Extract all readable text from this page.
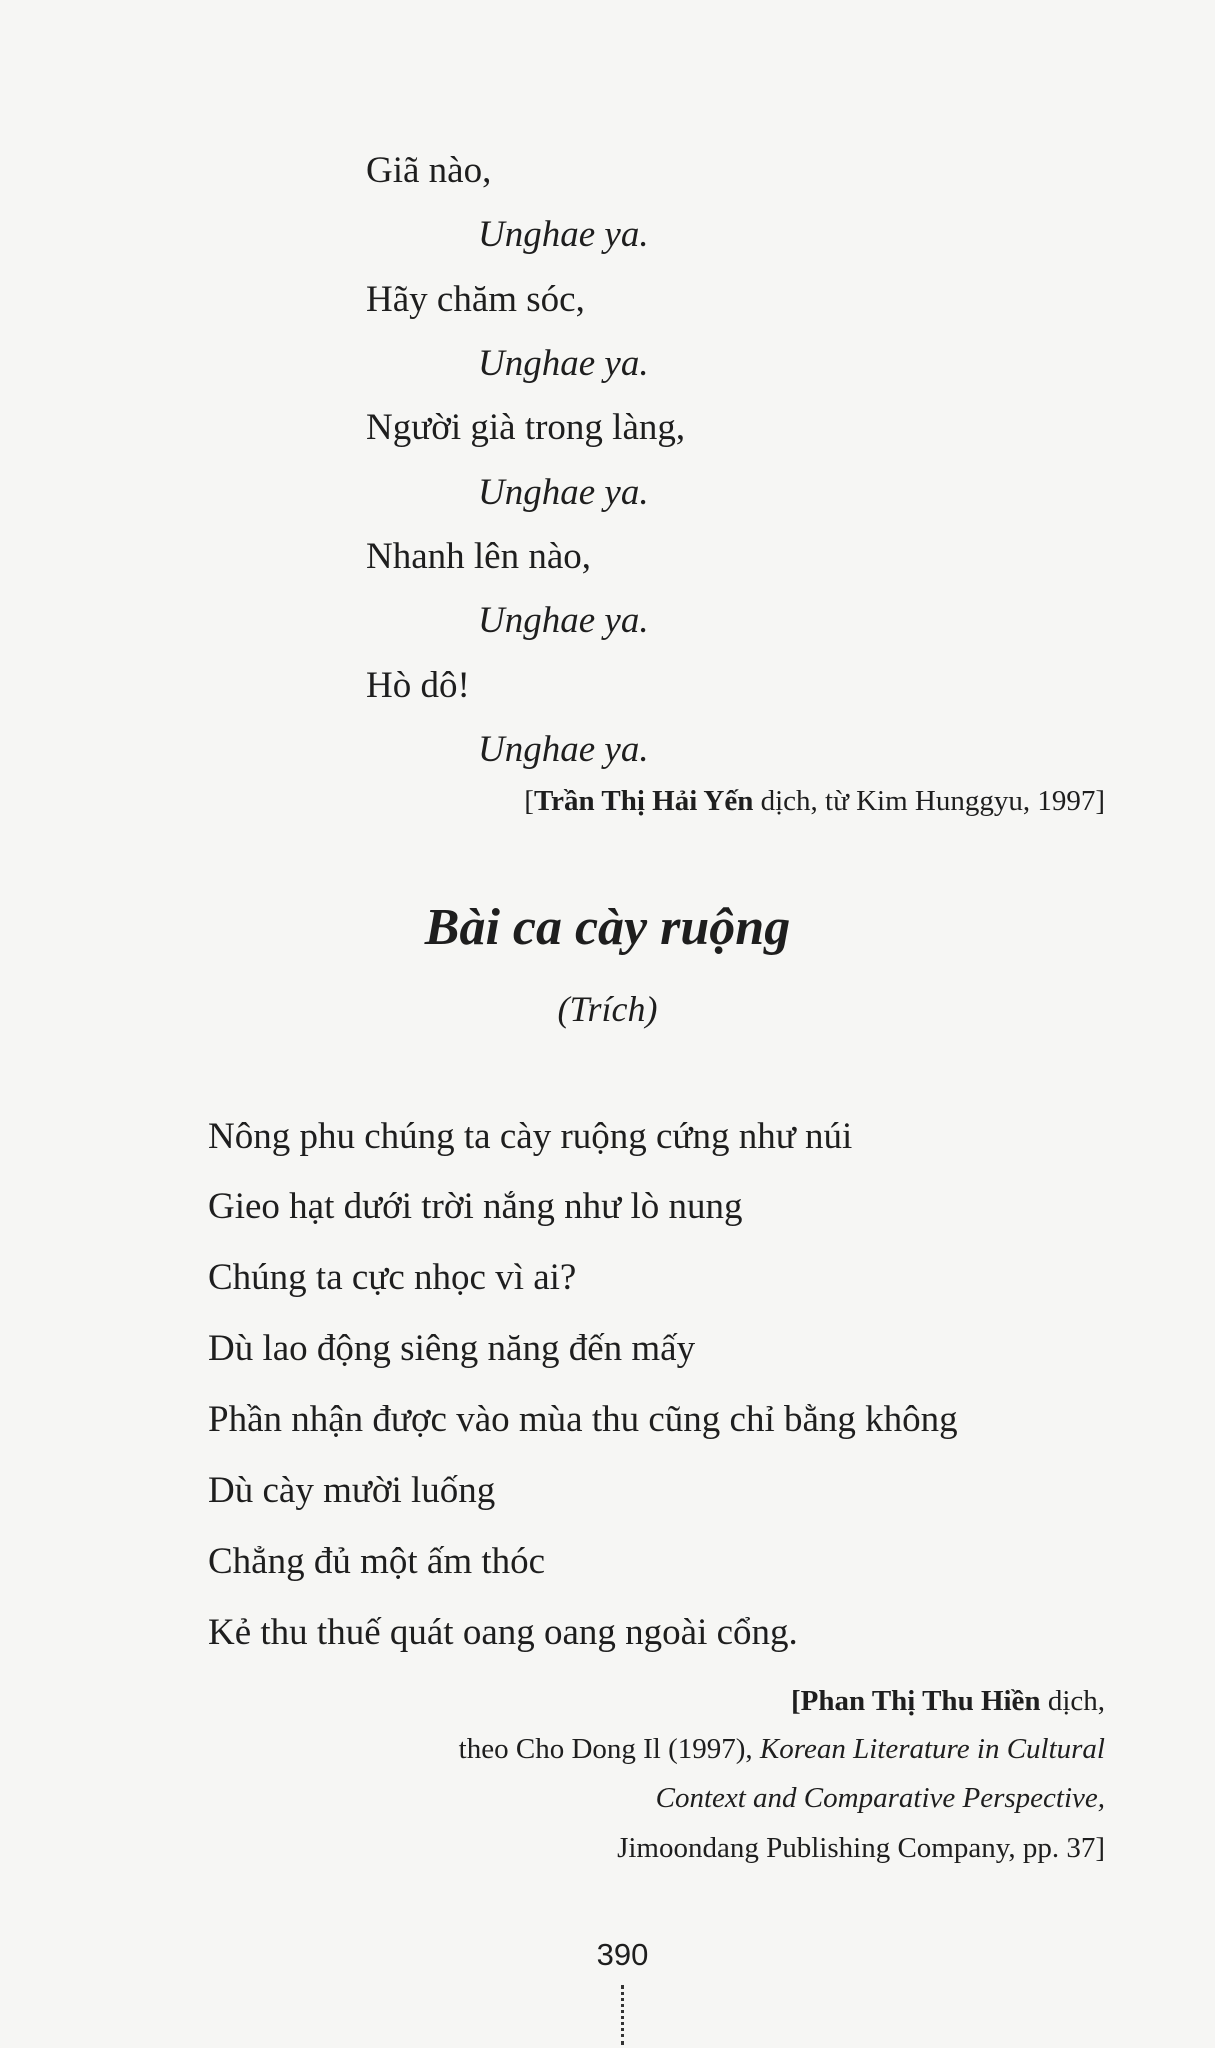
Giã nào,
Unghae ya.
Hãy chăm sóc,
Unghae ya.
Người già trong làng,
Unghae ya.
Nhanh lên nào,
Unghae ya.
Hò dô!
Unghae ya.
[Trần Thị Hải Yến dịch, từ Kim Hunggyu, 1997]
Bài ca cày ruộng
(Trích)
Nông phu chúng ta cày ruộng cứng như núi
Gieo hạt dưới trời nắng như lò nung
Chúng ta cực nhọc vì ai?
Dù lao động siêng năng đến mấy
Phần nhận được vào mùa thu cũng chỉ bằng không
Dù cày mười luống
Chẳng đủ một ấm thóc
Kẻ thu thuế quát oang oang ngoài cổng.
[Phan Thị Thu Hiền dịch,
theo Cho Dong Il (1997), Korean Literature in Cultural
Context and Comparative Perspective,
Jimoondang Publishing Company, pp. 37]
390
